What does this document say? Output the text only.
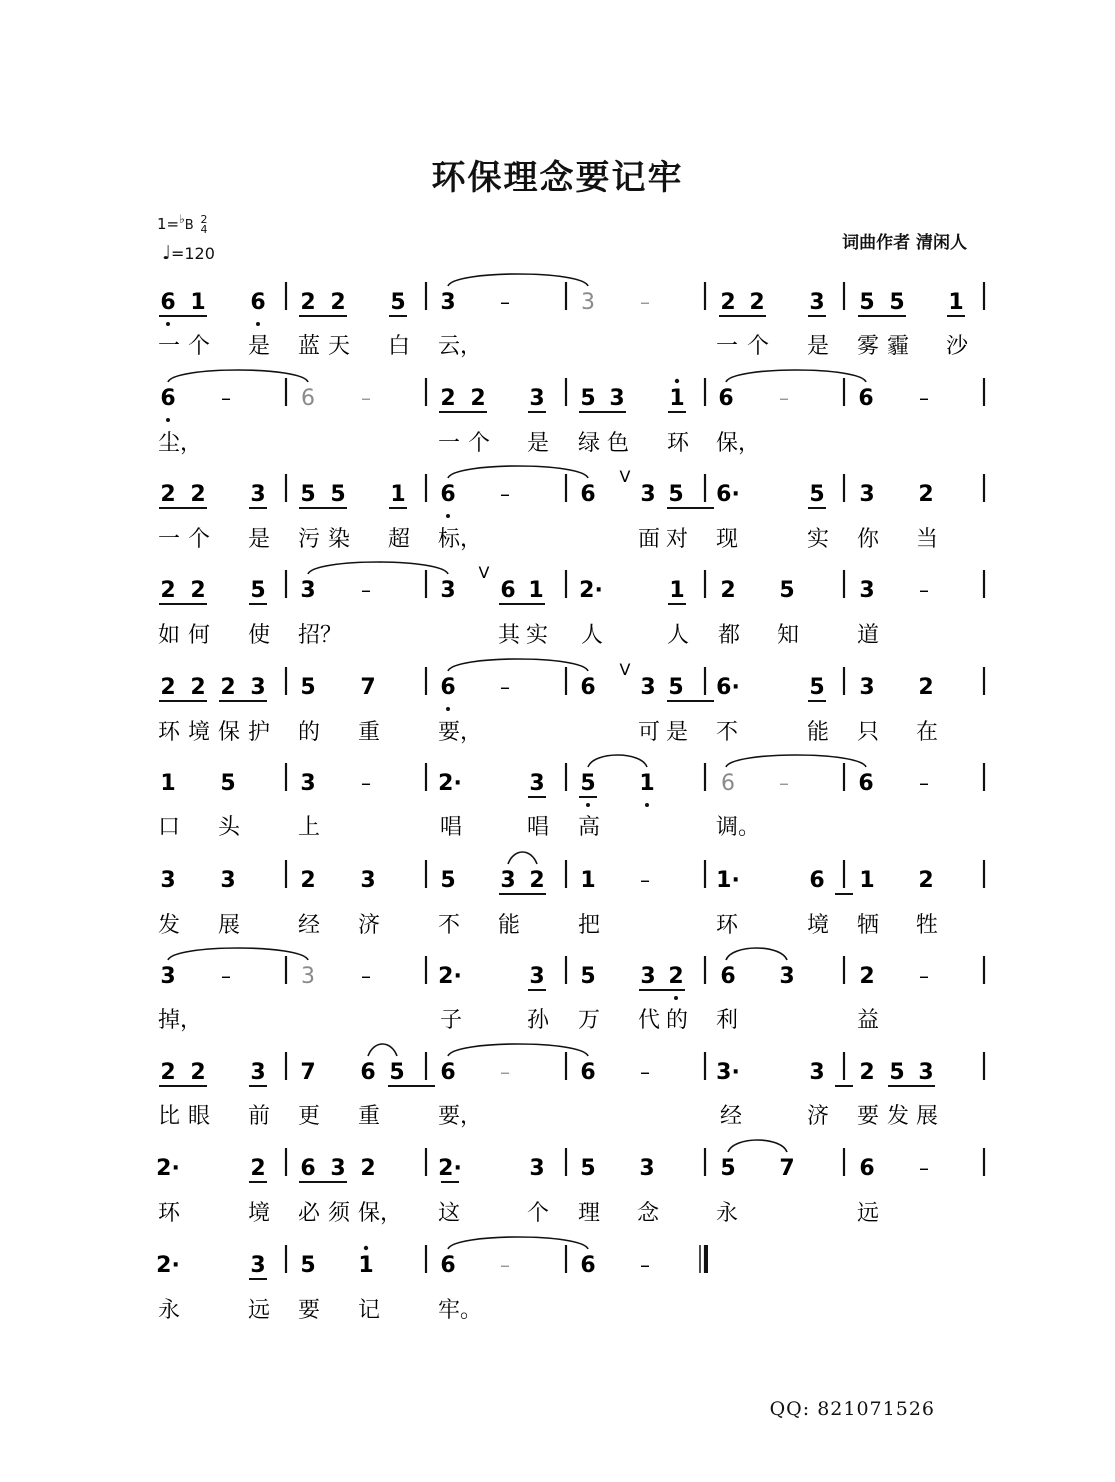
环保理念要记牢
1=♭B 2
4
♩=120
词曲作者 清闲人
QQ: 821071526
6 1 6 2 2 5 3 –	3 –	2 2 3 5 5 1
6 –	6 –	2 2 3 5 3 1 6 –	6 –
2 2 3 5 5 1 6 –	6
V
3 5 6·	5 3 2
2 2 5 3 –	3
V
6 1 2·	1 2 5	3 –
2 2 2 3 5 7	6 –	6
V
3 5 6·	5 3 2
1 5	3 –	2·	3 5 1	6 –	6 –
3 3	2 3	5 3 2 1 –	1·	6 1 2
3 –	3 –	2·	3 5 3 2 6 3	2 –
2 2 3 7 6 5 6 –	6 –	3·	3 2 5 3
2·	2 6 3 2	2·	3 5 3	5 7	6 –
2·	3 5 1	6 –	6 –
一 个 是 蓝 天 白 云，	一 个 是 雾 霾 沙
尘，	一 个 是 绿 色 环 保，
一 个 是 污 染 超 标，	面 对 现	实 你 当
如 何 使 招？	其 实 人	人 都 知	道
环 境 保 护 的 重	要，	可 是 不	能 只 在
口 头	上	唱	唱 高	调。
发 展	经 济	不 能	把	环	境 牺 牲
掉，	子	孙 万 代 的 利	益
比 眼 前 更 重	要，	经	济 要 发 展
环	境 必 须 保， 这	个 理 念	永	远
永	远 要 记	牢。
